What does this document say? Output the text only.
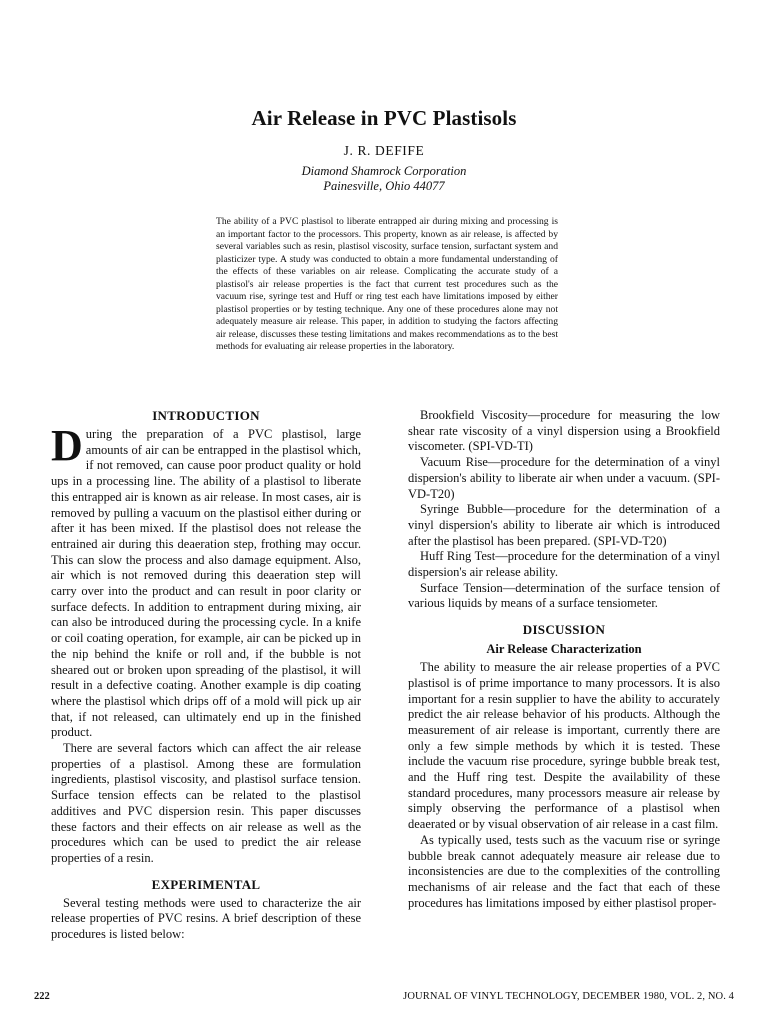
Air Release in PVC Plastisols
J. R. DEFIFE
Diamond Shamrock Corporation
Painesville, Ohio 44077
The ability of a PVC plastisol to liberate entrapped air during mixing and processing is an important factor to the processors. This property, known as air release, is affected by several variables such as resin, plastisol viscosity, surface tension, surfactant system and plasticizer type. A study was conducted to obtain a more fundamental understanding of the effects of these variables on air release. Complicating the accurate study of a plastisol's air release properties is the fact that current test procedures such as the vacuum rise, syringe test and Huff or ring test each have limitations imposed by either plastisol properties or by testing technique. Any one of these procedures alone may not adequately measure air release. This paper, in addition to studying the factors affecting air release, discusses these testing limitations and makes recommendations as to the best methods for evaluating air release properties in the laboratory.
INTRODUCTION

During the preparation of a PVC plastisol, large amounts of air can be entrapped in the plastisol which, if not removed, can cause poor product quality or hold ups in a processing line. The ability of a plastisol to liberate this entrapped air is known as air release. In most cases, air is removed by pulling a vacuum on the plastisol either during or after it has been mixed. If the plastisol does not release the entrained air during this deaeration step, frothing may occur. This can slow the process and also damage equipment. Also, air which is not removed during this deaeration step will carry over into the product and can result in poor clarity or surface defects. In addition to entrapment during mixing, air can also be introduced during the processing cycle. In a knife or coil coating operation, for example, air can be picked up in the nip behind the knife or roll and, if the bubble is not sheared out or broken upon spreading of the plastisol, it will result in a defective coating. Another example is dip coating where the plastisol which drips off of a mold will pick up air that, if not released, can ultimately end up in the finished product.

There are several factors which can affect the air release properties of a plastisol. Among these are formulation ingredients, plastisol viscosity, and plastisol surface tension. Surface tension effects can be related to the plastisol additives and PVC dispersion resin. This paper discusses these factors and their effects on air release as well as the procedures which can be used to predict the air release properties of a resin.

EXPERIMENTAL

Several testing methods were used to characterize the air release properties of PVC resins. A brief description of these procedures is listed below:

Brookfield Viscosity—procedure for measuring the low shear rate viscosity of a vinyl dispersion using a Brookfield viscometer. (SPI-VD-TI)

Vacuum Rise—procedure for the determination of a vinyl dispersion's ability to liberate air when under a vacuum. (SPI-VD-T20)

Syringe Bubble—procedure for the determination of a vinyl dispersion's ability to liberate air which is introduced after the plastisol has been prepared. (SPI-VD-T20)

Huff Ring Test—procedure for the determination of a vinyl dispersion's air release ability.

Surface Tension—determination of the surface tension of various liquids by means of a surface tensiometer.

DISCUSSION
Air Release Characterization

The ability to measure the air release properties of a PVC plastisol is of prime importance to many processors. It is also important for a resin supplier to have the ability to accurately predict the air release behavior of his products. Although the measurement of air release is important, currently there are only a few simple methods by which it is tested. These include the vacuum rise procedure, syringe bubble break test, and the Huff ring test. Despite the availability of these standard procedures, many processors measure air release by simply observing the performance of a plastisol when deaerated or by visual observation of air release in a cast film.

As typically used, tests such as the vacuum rise or syringe bubble break cannot adequately measure air release due to inconsistencies are due to the complexities of the controlling mechanisms of air release and the fact that each of these procedures has limitations imposed by either plastisol proper-

222	JOURNAL OF VINYL TECHNOLOGY, DECEMBER 1980, VOL. 2, NO. 4
